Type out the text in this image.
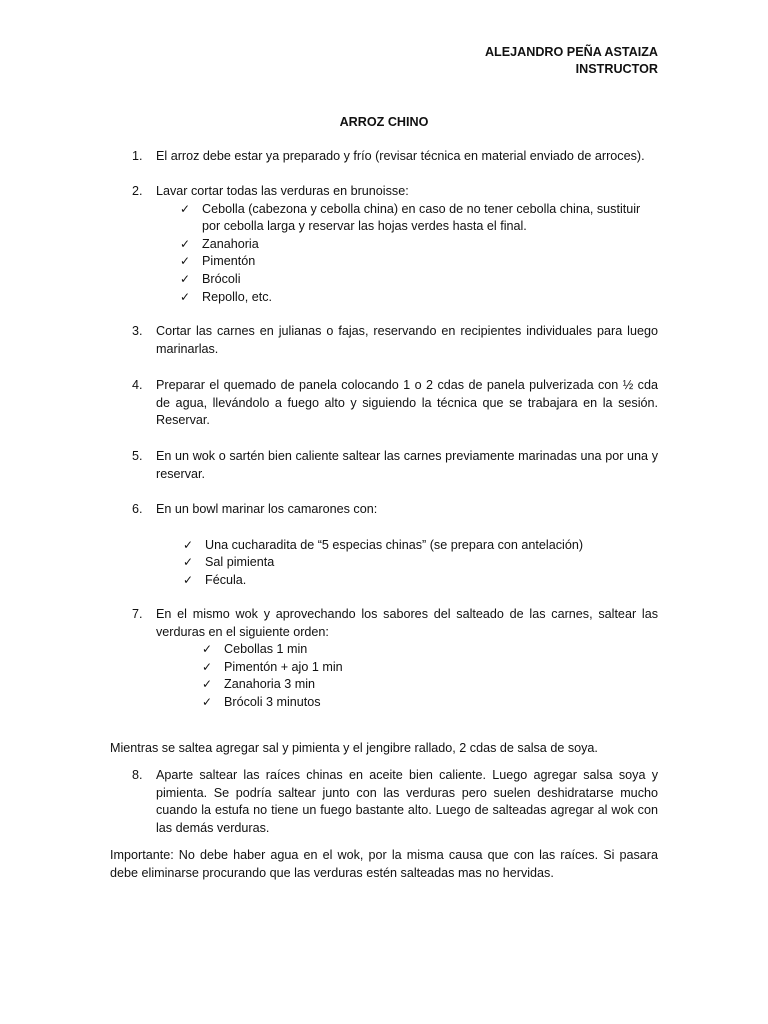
ALEJANDRO PEÑA ASTAIZA
INSTRUCTOR
ARROZ CHINO
1. El arroz debe estar ya preparado y frío (revisar técnica en material enviado de arroces).
2. Lavar cortar todas las verduras en brunoisse:
✓ Cebolla (cabezona y cebolla china) en caso de no tener cebolla china, sustituir por cebolla larga y reservar las hojas verdes hasta el final.
✓ Zanahoria
✓ Pimentón
✓ Brócoli
✓ Repollo, etc.
3. Cortar las carnes en julianas o fajas, reservando en recipientes individuales para luego marinarlas.
4. Preparar el quemado de panela colocando 1 o 2 cdas de panela pulverizada con ½ cda de agua, llevándolo a fuego alto y siguiendo la técnica que se trabajara en la sesión. Reservar.
5. En un wok o sartén bien caliente saltear las carnes previamente marinadas una por una y reservar.
6. En un bowl marinar los camarones con:
✓ Una cucharadita de “5 especias chinas” (se prepara con antelación)
✓ Sal pimienta
✓ Fécula.
7. En el mismo wok y aprovechando los sabores del salteado de las carnes, saltear las verduras en el siguiente orden:
✓ Cebollas 1 min
✓ Pimentón + ajo 1 min
✓ Zanahoria 3 min
✓ Brócoli 3 minutos
Mientras se saltea agregar sal y pimienta y el jengibre rallado, 2 cdas de salsa de soya.
8. Aparte saltear las raíces chinas en aceite bien caliente. Luego agregar salsa soya y pimienta. Se podría saltear junto con las verduras pero suelen deshidratarse mucho cuando la estufa no tiene un fuego bastante alto. Luego de salteadas agregar al wok con las demás verduras.
Importante: No debe haber agua en el wok, por la misma causa que con las raíces. Si pasara debe eliminarse procurando que las verduras estén salteadas mas no hervidas.
